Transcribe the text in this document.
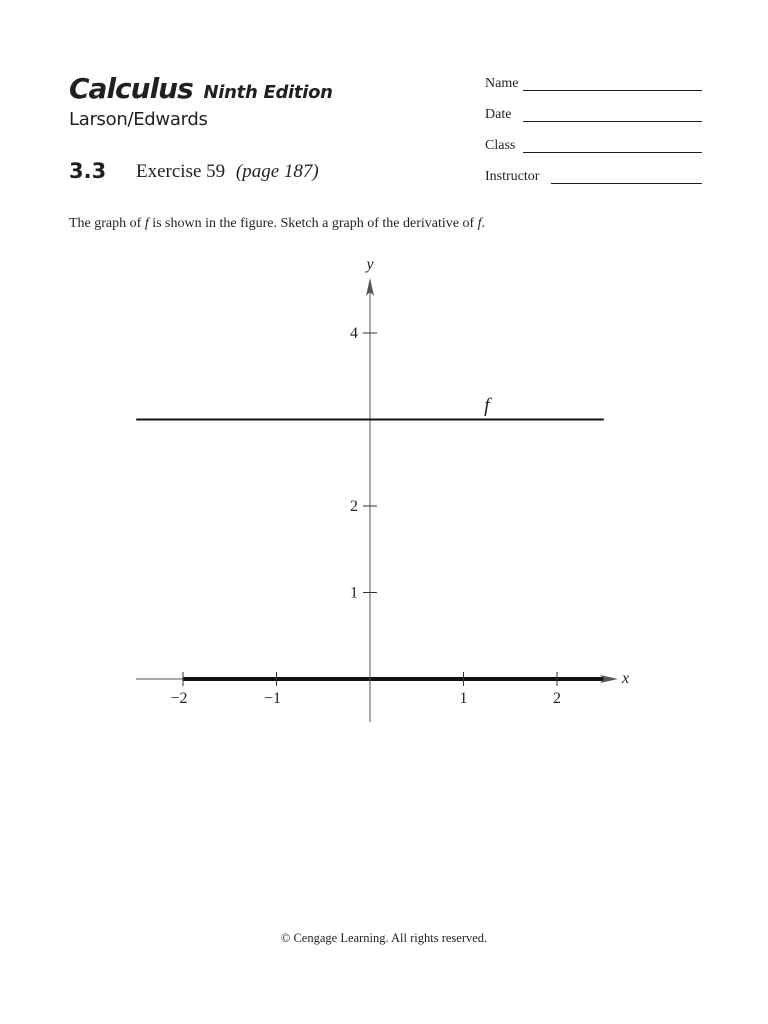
Calculus Ninth Edition
Larson/Edwards
3.3 Exercise 59 (page 187)
Name
Date
Class
Instructor
The graph of f is shown in the figure. Sketch a graph of the derivative of f.
x
y
−2	−1	1	2
1
2
4
f
© Cengage Learning. All rights reserved.
